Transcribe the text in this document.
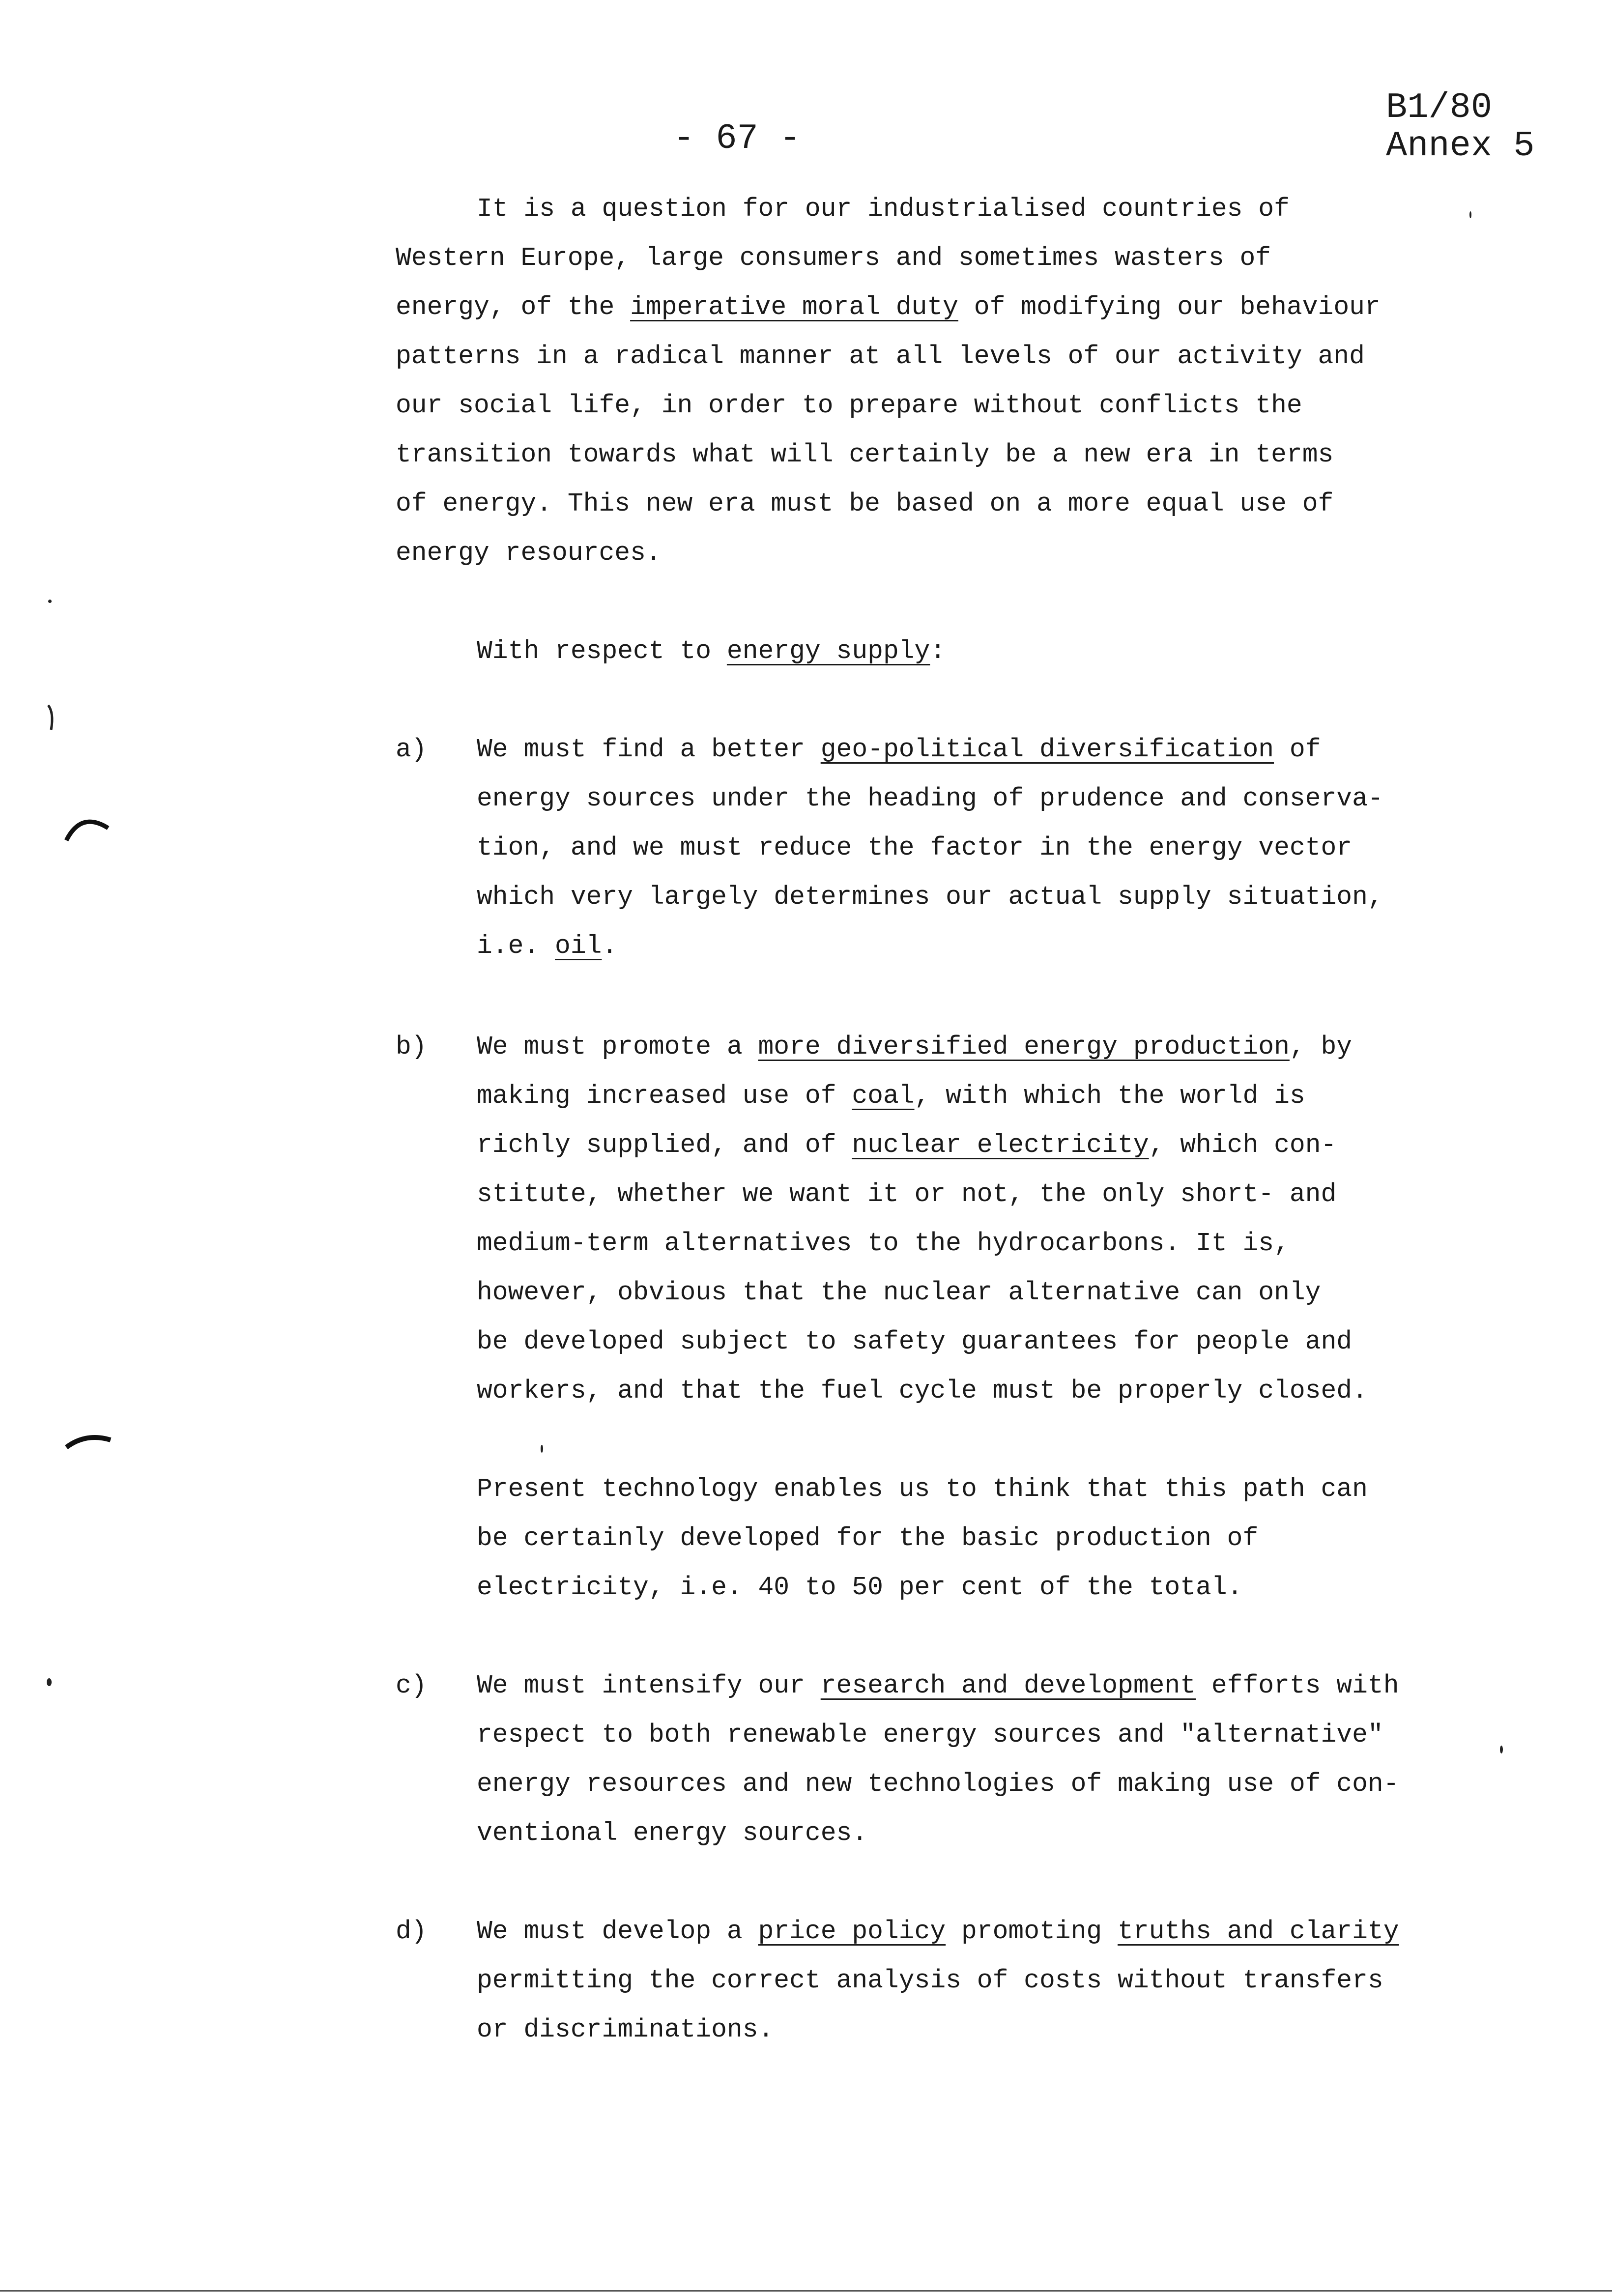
- 67 -
B1/80
Annex 5
It is a question for our industrialised countries of
Western Europe, large consumers and sometimes wasters of
energy, of the imperative moral duty of modifying our behaviour
patterns in a radical manner at all levels of our activity and
our social life, in order to prepare without conflicts the
transition towards what will certainly be a new era in terms
of energy. This new era must be based on a more equal use of
energy resources.
With respect to energy supply:
a) We must find a better geo-political diversification of
energy sources under the heading of prudence and conserva-
tion, and we must reduce the factor in the energy vector
which very largely determines our actual supply situation,
i.e. oil.
b) We must promote a more diversified energy production, by
making increased use of coal, with which the world is
richly supplied, and of nuclear electricity, which con-
stitute, whether we want it or not, the only short- and
medium-term alternatives to the hydrocarbons. It is,
however, obvious that the nuclear alternative can only
be developed subject to safety guarantees for people and
workers, and that the fuel cycle must be properly closed.
Present technology enables us to think that this path can
be certainly developed for the basic production of
electricity, i.e. 40 to 50 per cent of the total.
c) We must intensify our research and development efforts with
respect to both renewable energy sources and "alternative"
energy resources and new technologies of making use of con-
ventional energy sources.
d) We must develop a price policy promoting truths and clarity
permitting the correct analysis of costs without transfers
or discriminations.
